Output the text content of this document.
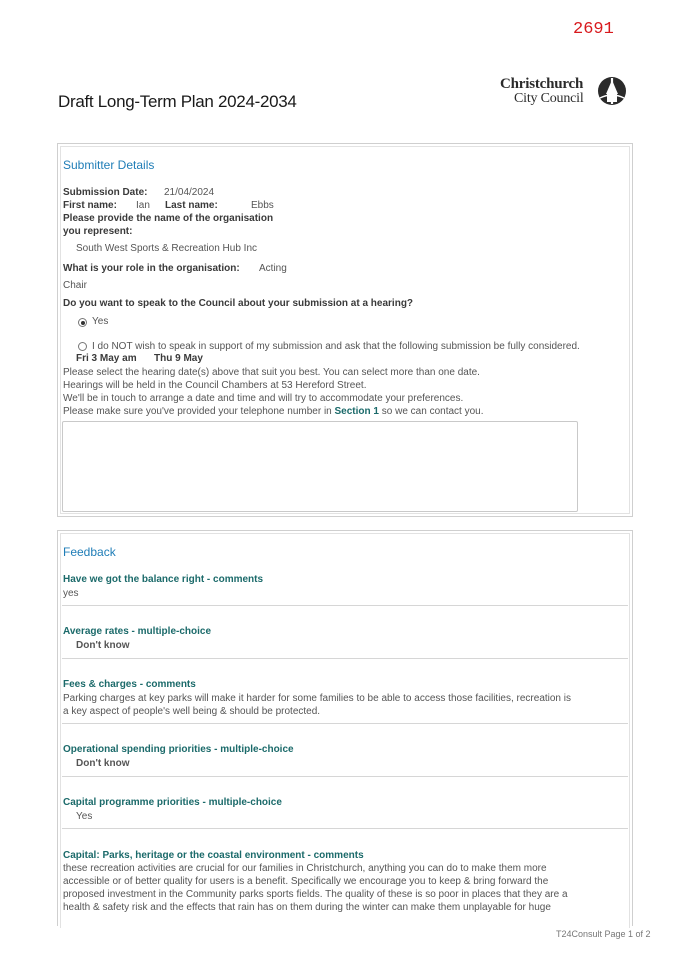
2691
Draft Long-Term Plan 2024-2034
Christchurch
City Council
Submitter Details
Submission Date: 21/04/2024
First name: Ian Last name:	Ebbs
Please provide the name of the organisation
you represent:
South West Sports & Recreation Hub Inc
What is your role in the organisation: Acting
Chair
Do you want to speak to the Council about your submission at a hearing?
Yes
I do NOT wish to speak in support of my submission and ask that the following submission be fully considered.
Fri 3 May am Thu 9 May
Please select the hearing date(s) above that suit you best. You can select more than one date.
Hearings will be held in the Council Chambers at 53 Hereford Street.
We'll be in touch to arrange a date and time and will try to accommodate your preferences.
Please make sure you've provided your telephone number in Section 1 so we can contact you.
Feedback
Have we got the balance right - comments
yes
Average rates - multiple-choice
Don't know
Fees & charges - comments
Parking charges at key parks will make it harder for some families to be able to access those facilities, recreation is
a key aspect of people's well being & should be protected.
Operational spending priorities - multiple-choice
Don't know
Capital programme priorities - multiple-choice
Yes
Capital: Parks, heritage or the coastal environment - comments
these recreation activities are crucial for our families in Christchurch, anything you can do to make them more
accessible or of better quality for users is a benefit. Specifically we encourage you to keep & bring forward the
proposed investment in the Community parks sports fields. The quality of these is so poor in places that they are a
health & safety risk and the effects that rain has on them during the winter can make them unplayable for huge
T24Consult Page 1 of 2
